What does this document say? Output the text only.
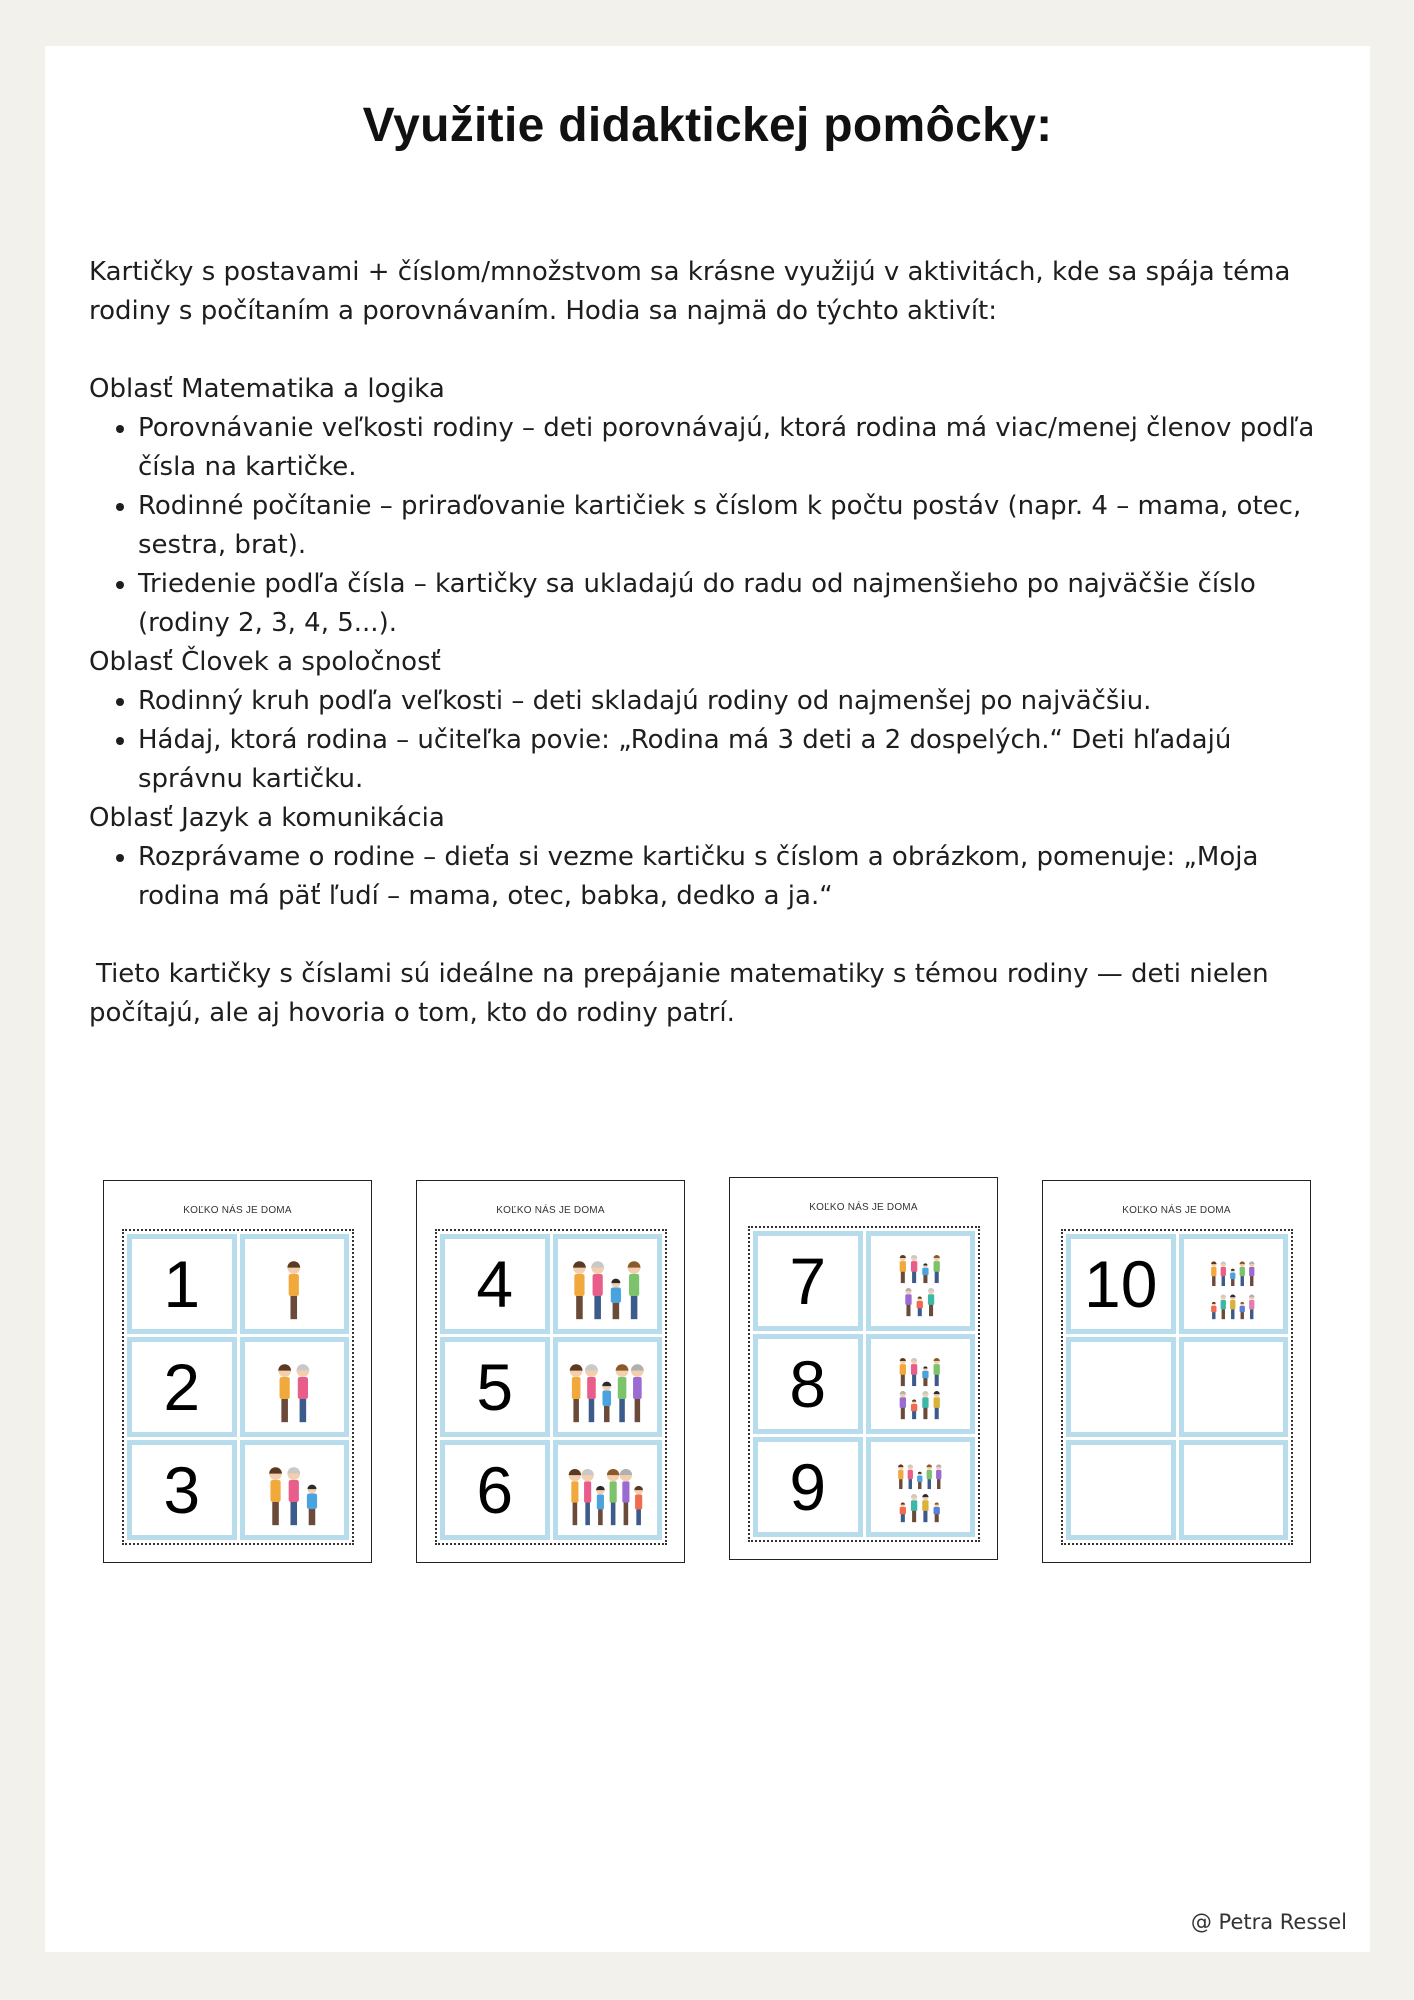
Využitie didaktickej pomôcky:

Kartičky s postavami + číslom/množstvom sa krásne využijú v aktivitách, kde sa spája téma rodiny s počítaním a porovnávaním. Hodia sa najmä do týchto aktivít:

Oblasť Matematika a logika

• Porovnávanie veľkosti rodiny – deti porovnávajú, ktorá rodina má viac/menej členov podľa čísla na kartičke.
• Rodinné počítanie – priraďovanie kartičiek s číslom k počtu postáv (napr. 4 – mama, otec, sestra, brat).
• Triedenie podľa čísla – kartičky sa ukladajú do radu od najmenšieho po najväčšie číslo (rodiny 2, 3, 4, 5...).

Oblasť Človek a spoločnosť

• Rodinný kruh podľa veľkosti – deti skladajú rodiny od najmenšej po najväčšiu.
• Hádaj, ktorá rodina – učiteľka povie: „Rodina má 3 deti a 2 dospelých.“ Deti hľadajú správnu kartičku.

Oblasť Jazyk a komunikácia

• Rozprávame o rodine – dieťa si vezme kartičku s číslom a obrázkom, pomenuje: „Moja rodina má päť ľudí – mama, otec, babka, dedko a ja.“

Tieto kartičky s číslami sú ideálne na prepájanie matematiky s témou rodiny — deti nielen počítajú, ale aj hovoria o tom, kto do rodiny patrí.

KOĽKO NÁS JE DOMA
1
2
3
KOĽKO NÁS JE DOMA
4
5
6
KOĽKO NÁS JE DOMA
7
8
9
KOĽKO NÁS JE DOMA
10
@ Petra Ressel
